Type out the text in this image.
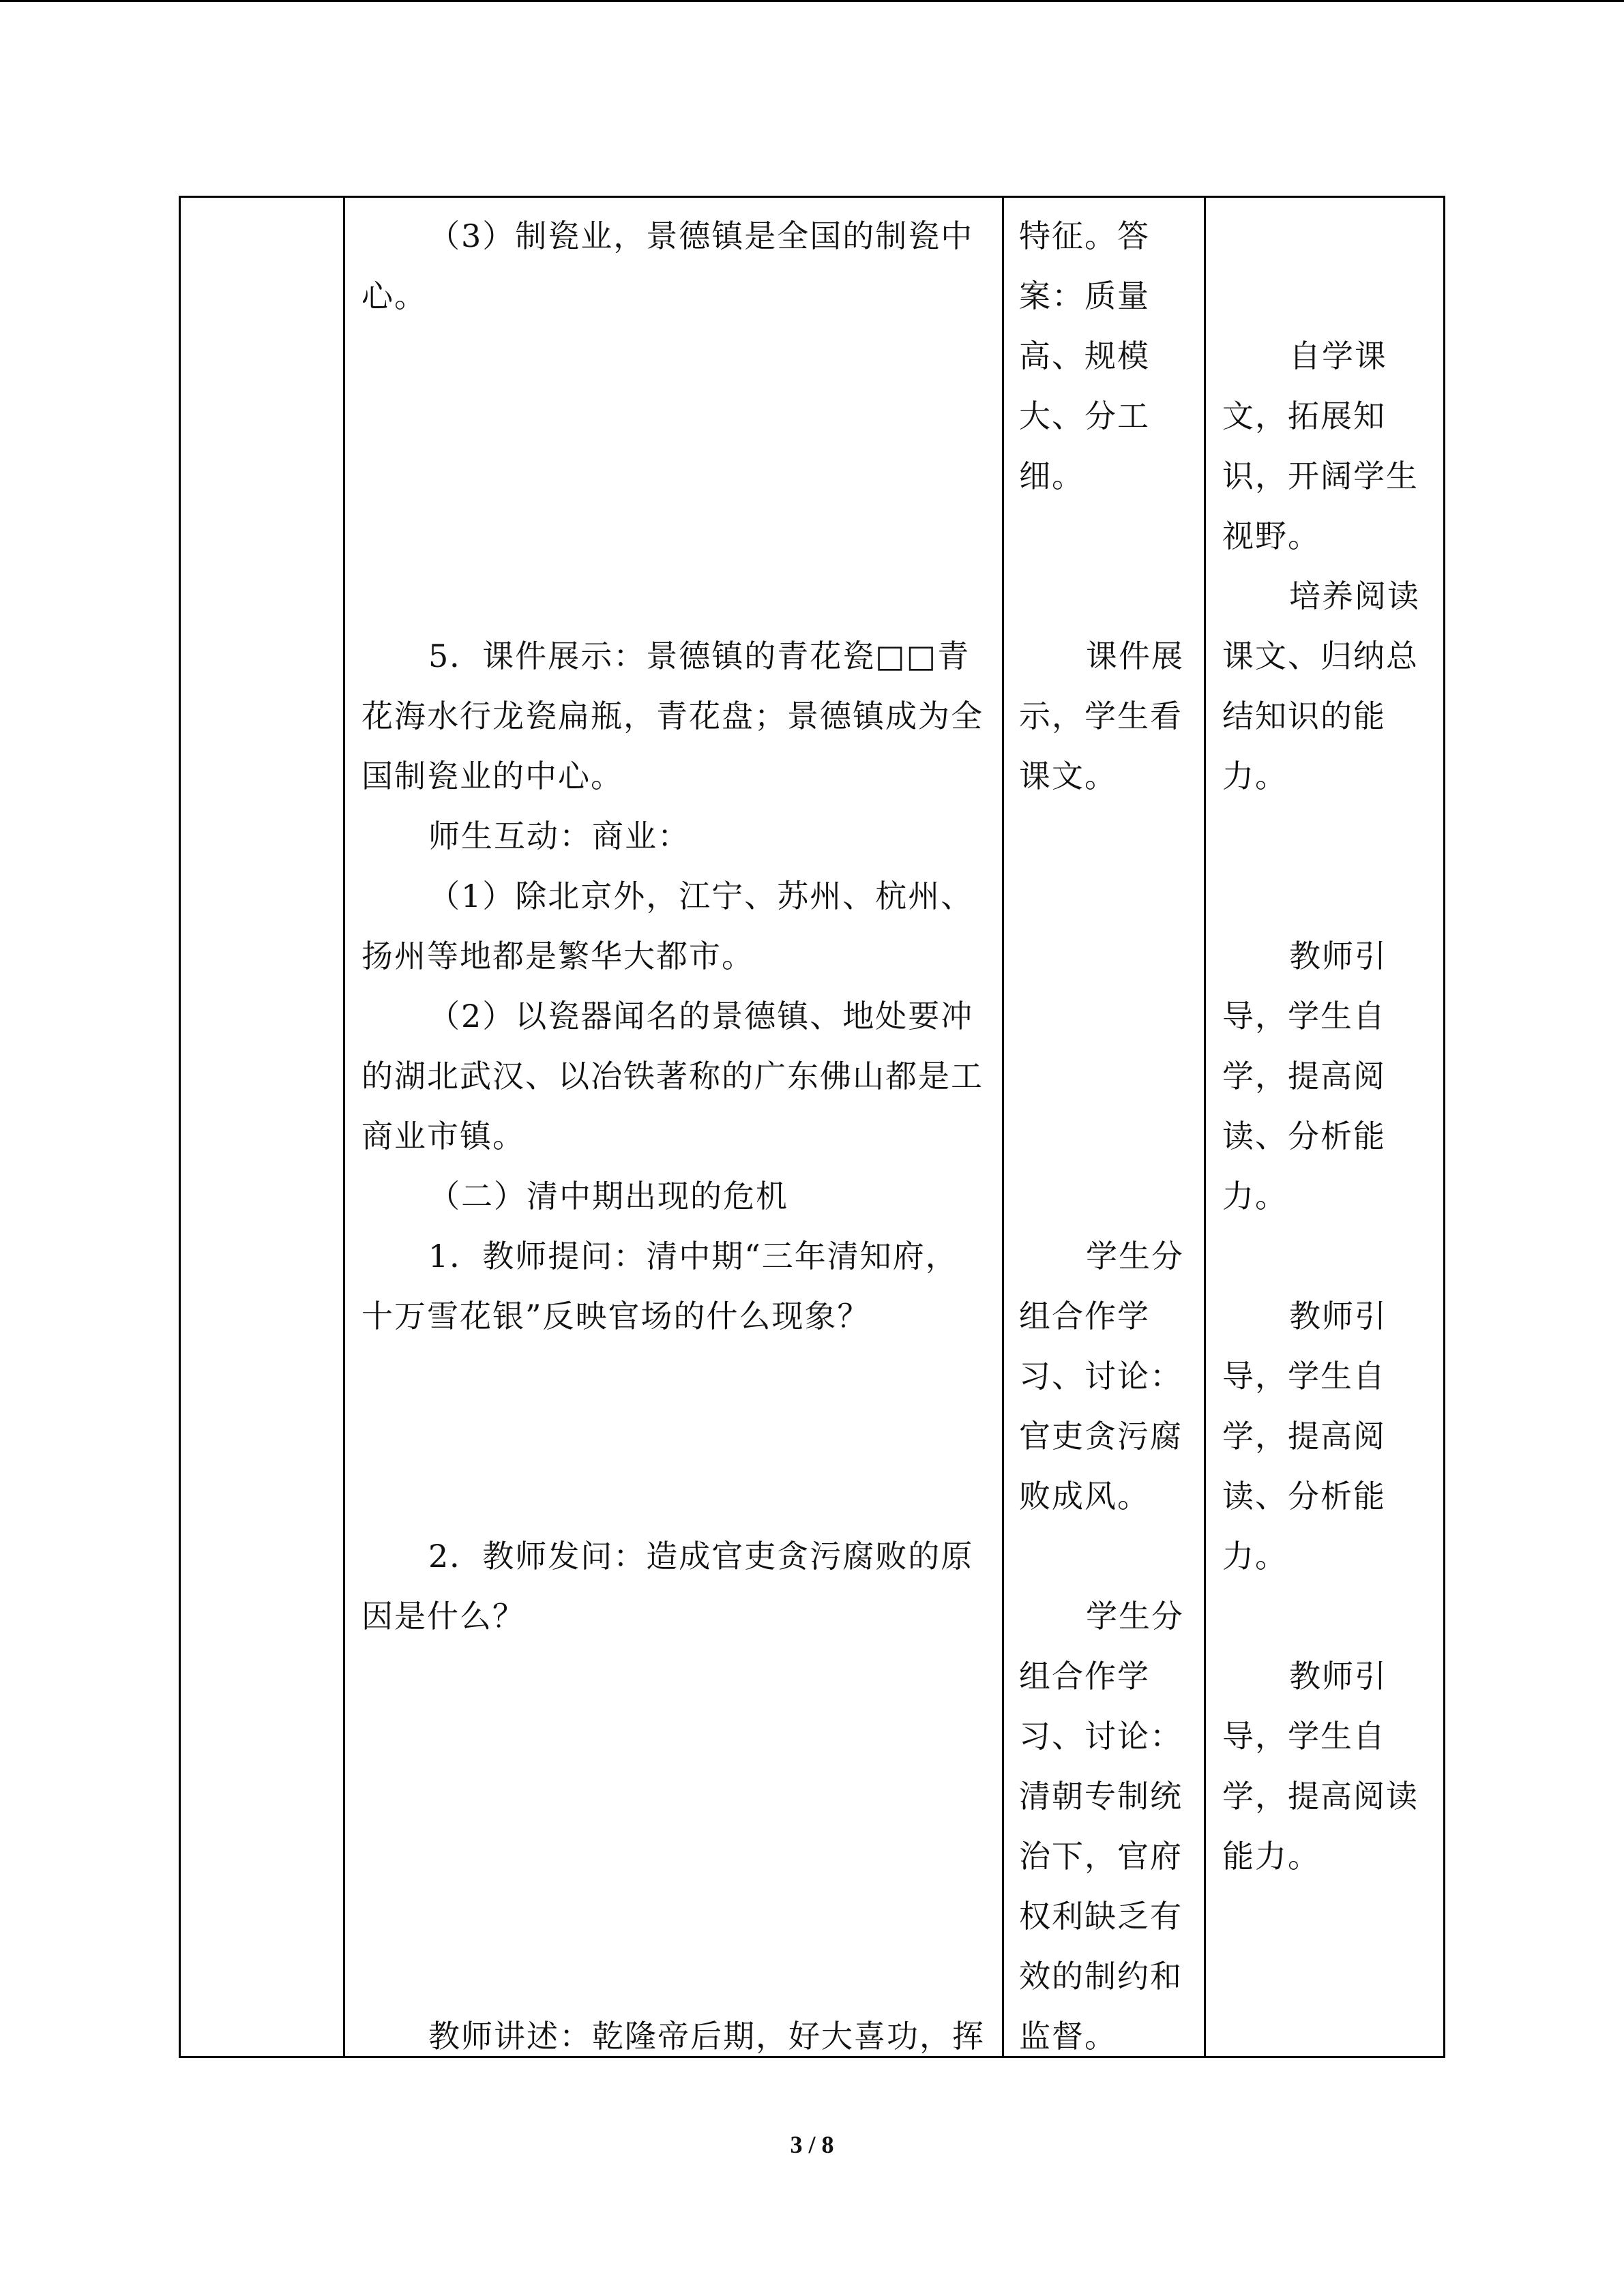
（3）制瓷业，景德镇是全国的制瓷中
心。
5．课件展示：景德镇的青花瓷□□青
花海水行龙瓷扁瓶，青花盘；景德镇成为全
国制瓷业的中心。
师生互动：商业：
（1）除北京外，江宁、苏州、杭州、
扬州等地都是繁华大都市。
（2）以瓷器闻名的景德镇、地处要冲
的湖北武汉、以冶铁著称的广东佛山都是工
商业市镇。
（二）清中期出现的危机
1．教师提问：清中期“三年清知府，
十万雪花银”反映官场的什么现象？
2．教师发问：造成官吏贪污腐败的原
因是什么？
教师讲述：乾隆帝后期，好大喜功，挥
特征。答
案：质量
高、规模
大、分工
细。
课件展
示，学生看
课文。
学生分
组合作学
习、讨论：
官吏贪污腐
败成风。
学生分
组合作学
习、讨论：
清朝专制统
治下，官府
权利缺乏有
效的制约和
监督。
自学课
文，拓展知
识，开阔学生
视野。
培养阅读
课文、归纳总
结知识的能
力。
教师引
导，学生自
学，提高阅
读、分析能
力。
教师引
导，学生自
学，提高阅
读、分析能
力。
教师引
导，学生自
学，提高阅读
能力。
3 / 8
